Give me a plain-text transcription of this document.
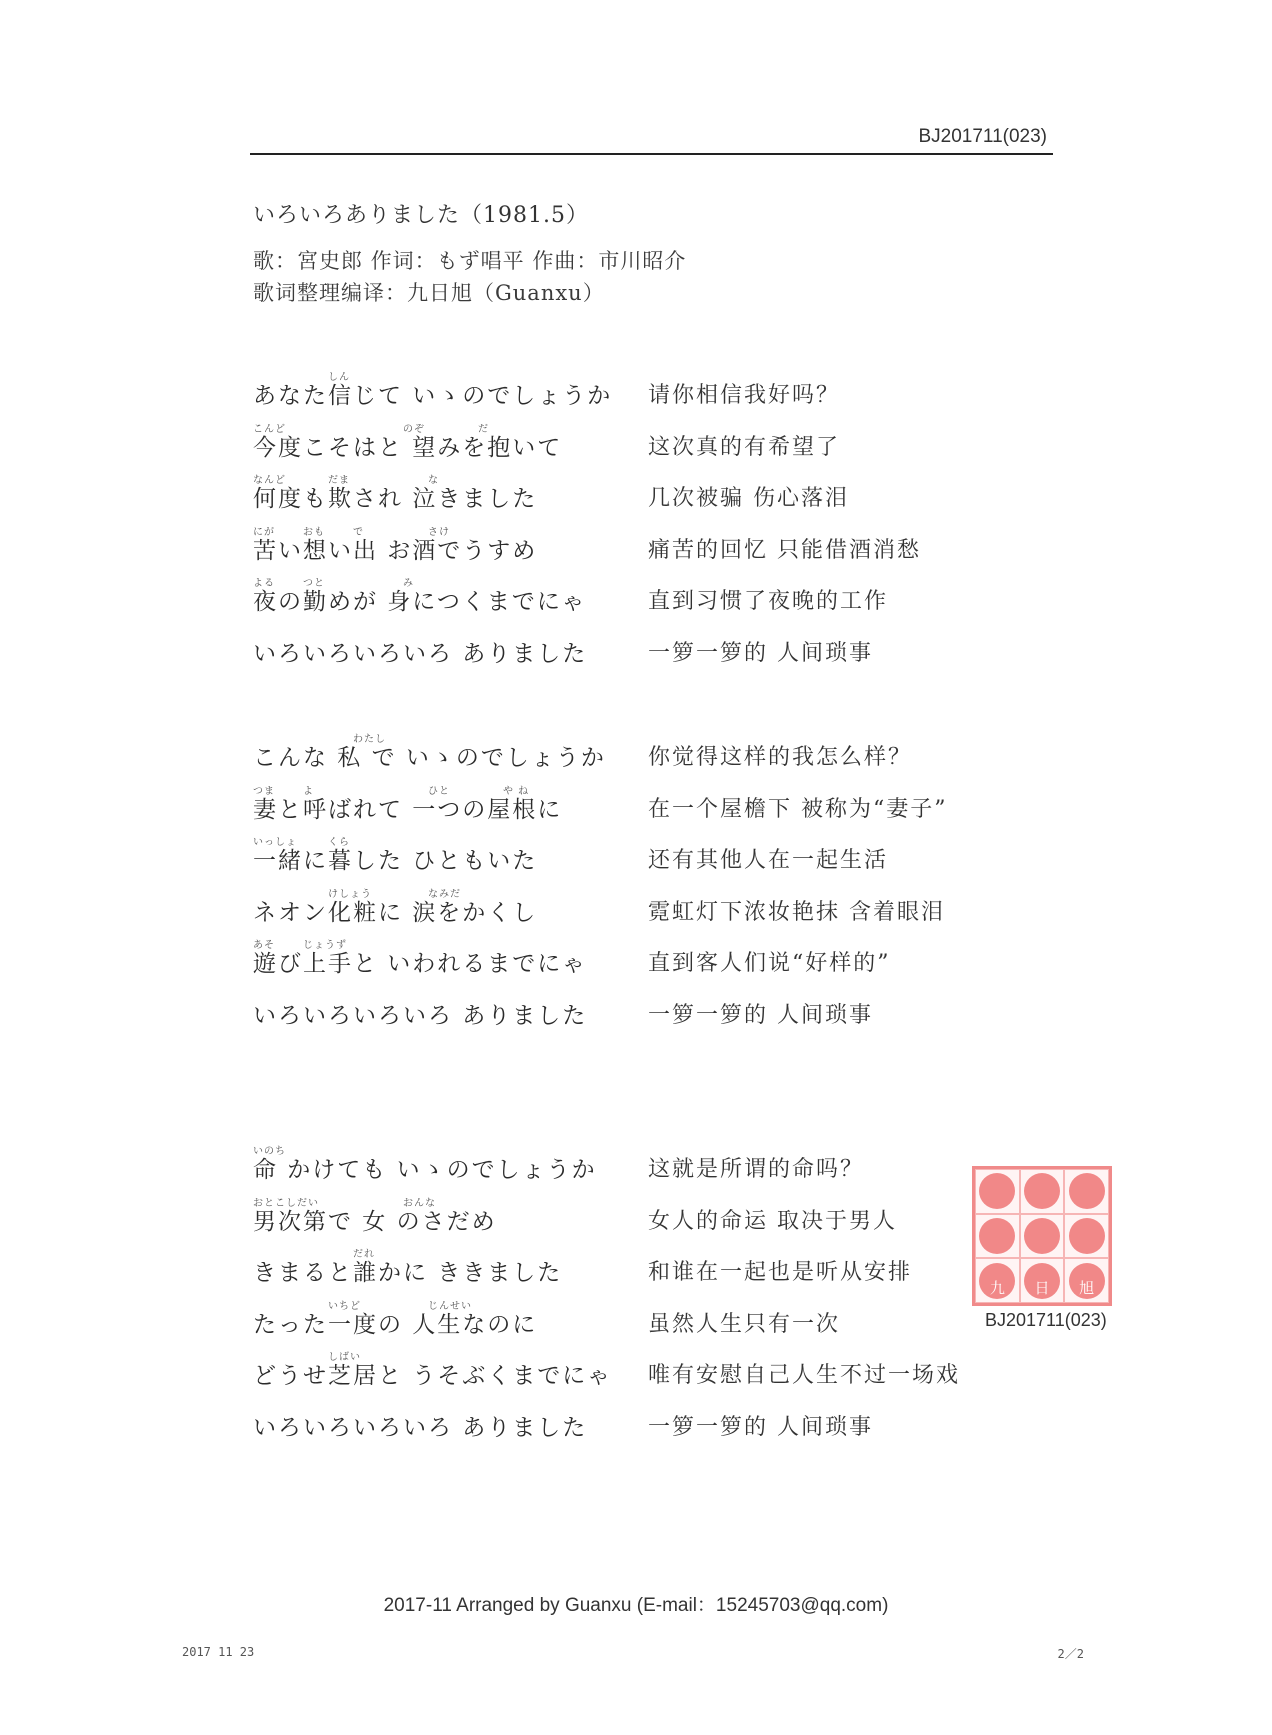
BJ201711(023)
いろいろありました（1981.5）
歌：宮史郎 作词：もず唱平 作曲：市川昭介
歌词整理编译：九日旭（Guanxu）
しん
あなた信じて いゝのでしょうか 请你相信我好吗？
こんど	のぞ	だ
今度こそはと 望みを抱いて	这次真的有希望了
なんど	だま	な
何度も欺され 泣きました	几次被骗 伤心落泪
にが	おも	で	さけ
苦い想い出 お酒でうすめ	痛苦的回忆 只能借酒消愁
よる	つと	み
夜の勤めが 身につくまでにゃ	直到习惯了夜晚的工作
いろいろいろいろ ありました	一箩一箩的 人间琐事
わたし
こんな 私 で いゝのでしょうか 你觉得这样的我怎么样？
つま	よ	ひと	や ね
妻と呼ばれて 一つの屋根に	在一个屋檐下 被称为“妻子”
いっしょ	くら
一緒に暮した ひともいた	还有其他人在一起生活
けしょう	なみだ
ネオン化粧に 涙をかくし	霓虹灯下浓妆艳抹 含着眼泪
あそ	じょうず
遊び上手と いわれるまでにゃ	直到客人们说“好样的”
いろいろいろいろ ありました	一箩一箩的 人间琐事
いのち
命 かけても いゝのでしょうか 这就是所谓的命吗？
おとこしだい	おんな
男次第で 女 のさだめ	女人的命运 取决于男人
だれ
きまると誰かに ききました	和谁在一起也是听从安排
いちど	じんせい
たった一度の 人生なのに	虽然人生只有一次
しばい
どうせ芝居と うそぶくまでにゃ 唯有安慰自己人生不过一场戏
いろいろいろいろ ありました	一箩一箩的 人间琐事
九 日 旭
BJ201711(023)
2017-11 Arranged by Guanxu (E-mail：15245703@qq.com)
2017 11 23	2／2
